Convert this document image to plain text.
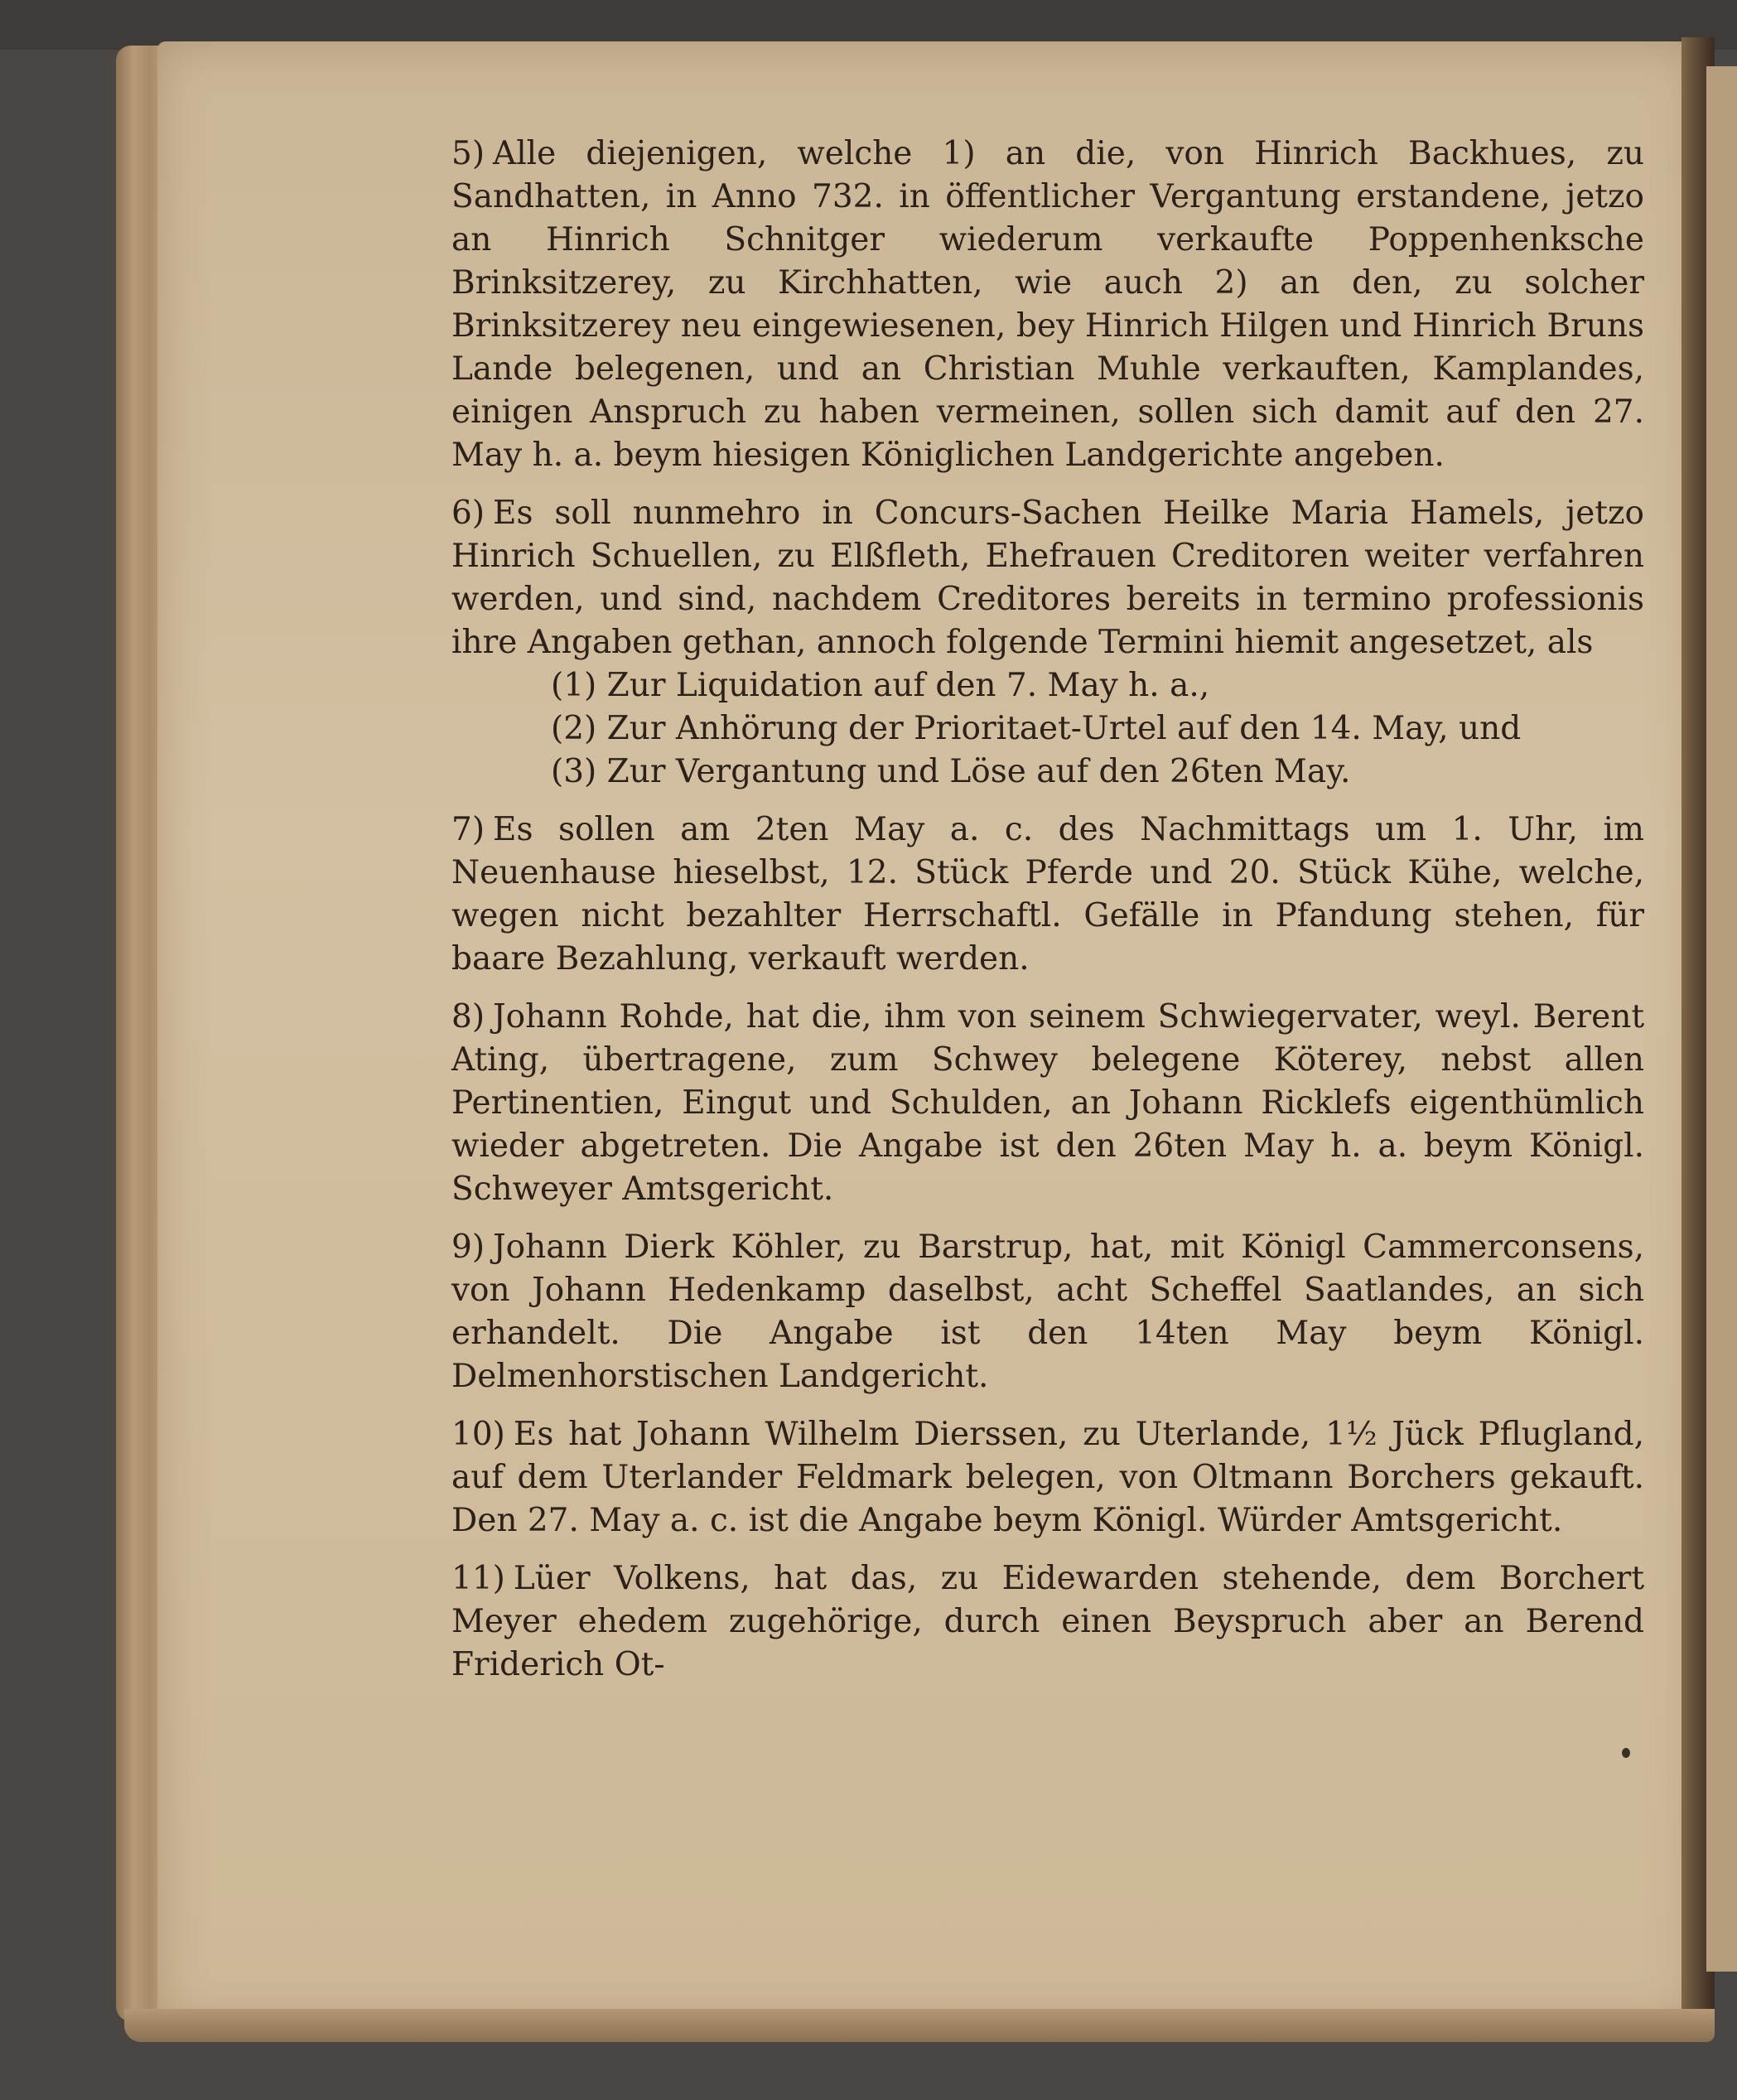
5) Alle diejenigen, welche 1) an die, von Hinrich Backhues, zu Sandhatten, in Anno 732. in öffentlicher Vergantung erstandene, jetzo an Hinrich Schnitger wiederum verkaufte Poppenhenksche Brinksitzerey, zu Kirchhatten, wie auch 2) an den, zu solcher Brinksitzerey neu eingewiesenen, bey Hinrich Hilgen und Hinrich Bruns Lande belegenen, und an Christian Muhle verkauften, Kamplandes, einigen Anspruch zu haben vermeinen, sollen sich damit auf den 27. May h. a. beym hiesigen Königlichen Landgerichte angeben.

6) Es soll nunmehro in Concurs-Sachen Heilke Maria Hamels, jetzo Hinrich Schuellen, zu Elßfleth, Ehefrauen Creditoren weiter verfahren werden, und sind, nachdem Creditores bereits in termino professionis ihre Angaben gethan, annoch folgende Termini hiemit angesetzet, als
(1) Zur Liquidation auf den 7. May h. a.,
(2) Zur Anhörung der Prioritaet-Urtel auf den 14. May, und
(3) Zur Vergantung und Löse auf den 26ten May.

7) Es sollen am 2ten May a. c. des Nachmittags um 1. Uhr, im Neuenhause hieselbst, 12. Stück Pferde und 20. Stück Kühe, welche, wegen nicht bezahlter Herrschaftl. Gefälle in Pfandung stehen, für baare Bezahlung, verkauft werden.

8) Johann Rohde, hat die, ihm von seinem Schwiegervater, weyl. Berent Ating, übertragene, zum Schwey belegene Köterey, nebst allen Pertinentien, Eingut und Schulden, an Johann Ricklefs eigenthümlich wieder abgetreten. Die Angabe ist den 26ten May h. a. beym Königl. Schweyer Amtsgericht.

9) Johann Dierk Köhler, zu Barstrup, hat, mit Königl Cammerconsens, von Johann Hedenkamp daselbst, acht Scheffel Saatlandes, an sich erhandelt. Die Angabe ist den 14ten May beym Königl. Delmenhorstischen Landgericht.

10) Es hat Johann Wilhelm Dierssen, zu Uterlande, 1½ Jück Pflugland, auf dem Uterlander Feldmark belegen, von Oltmann Borchers gekauft. Den 27. May a. c. ist die Angabe beym Königl. Würder Amtsgericht.

11) Lüer Volkens, hat das, zu Eidewarden stehende, dem Borchert Meyer ehedem zugehörige, durch einen Beyspruch aber an Berend Friderich Ot-
